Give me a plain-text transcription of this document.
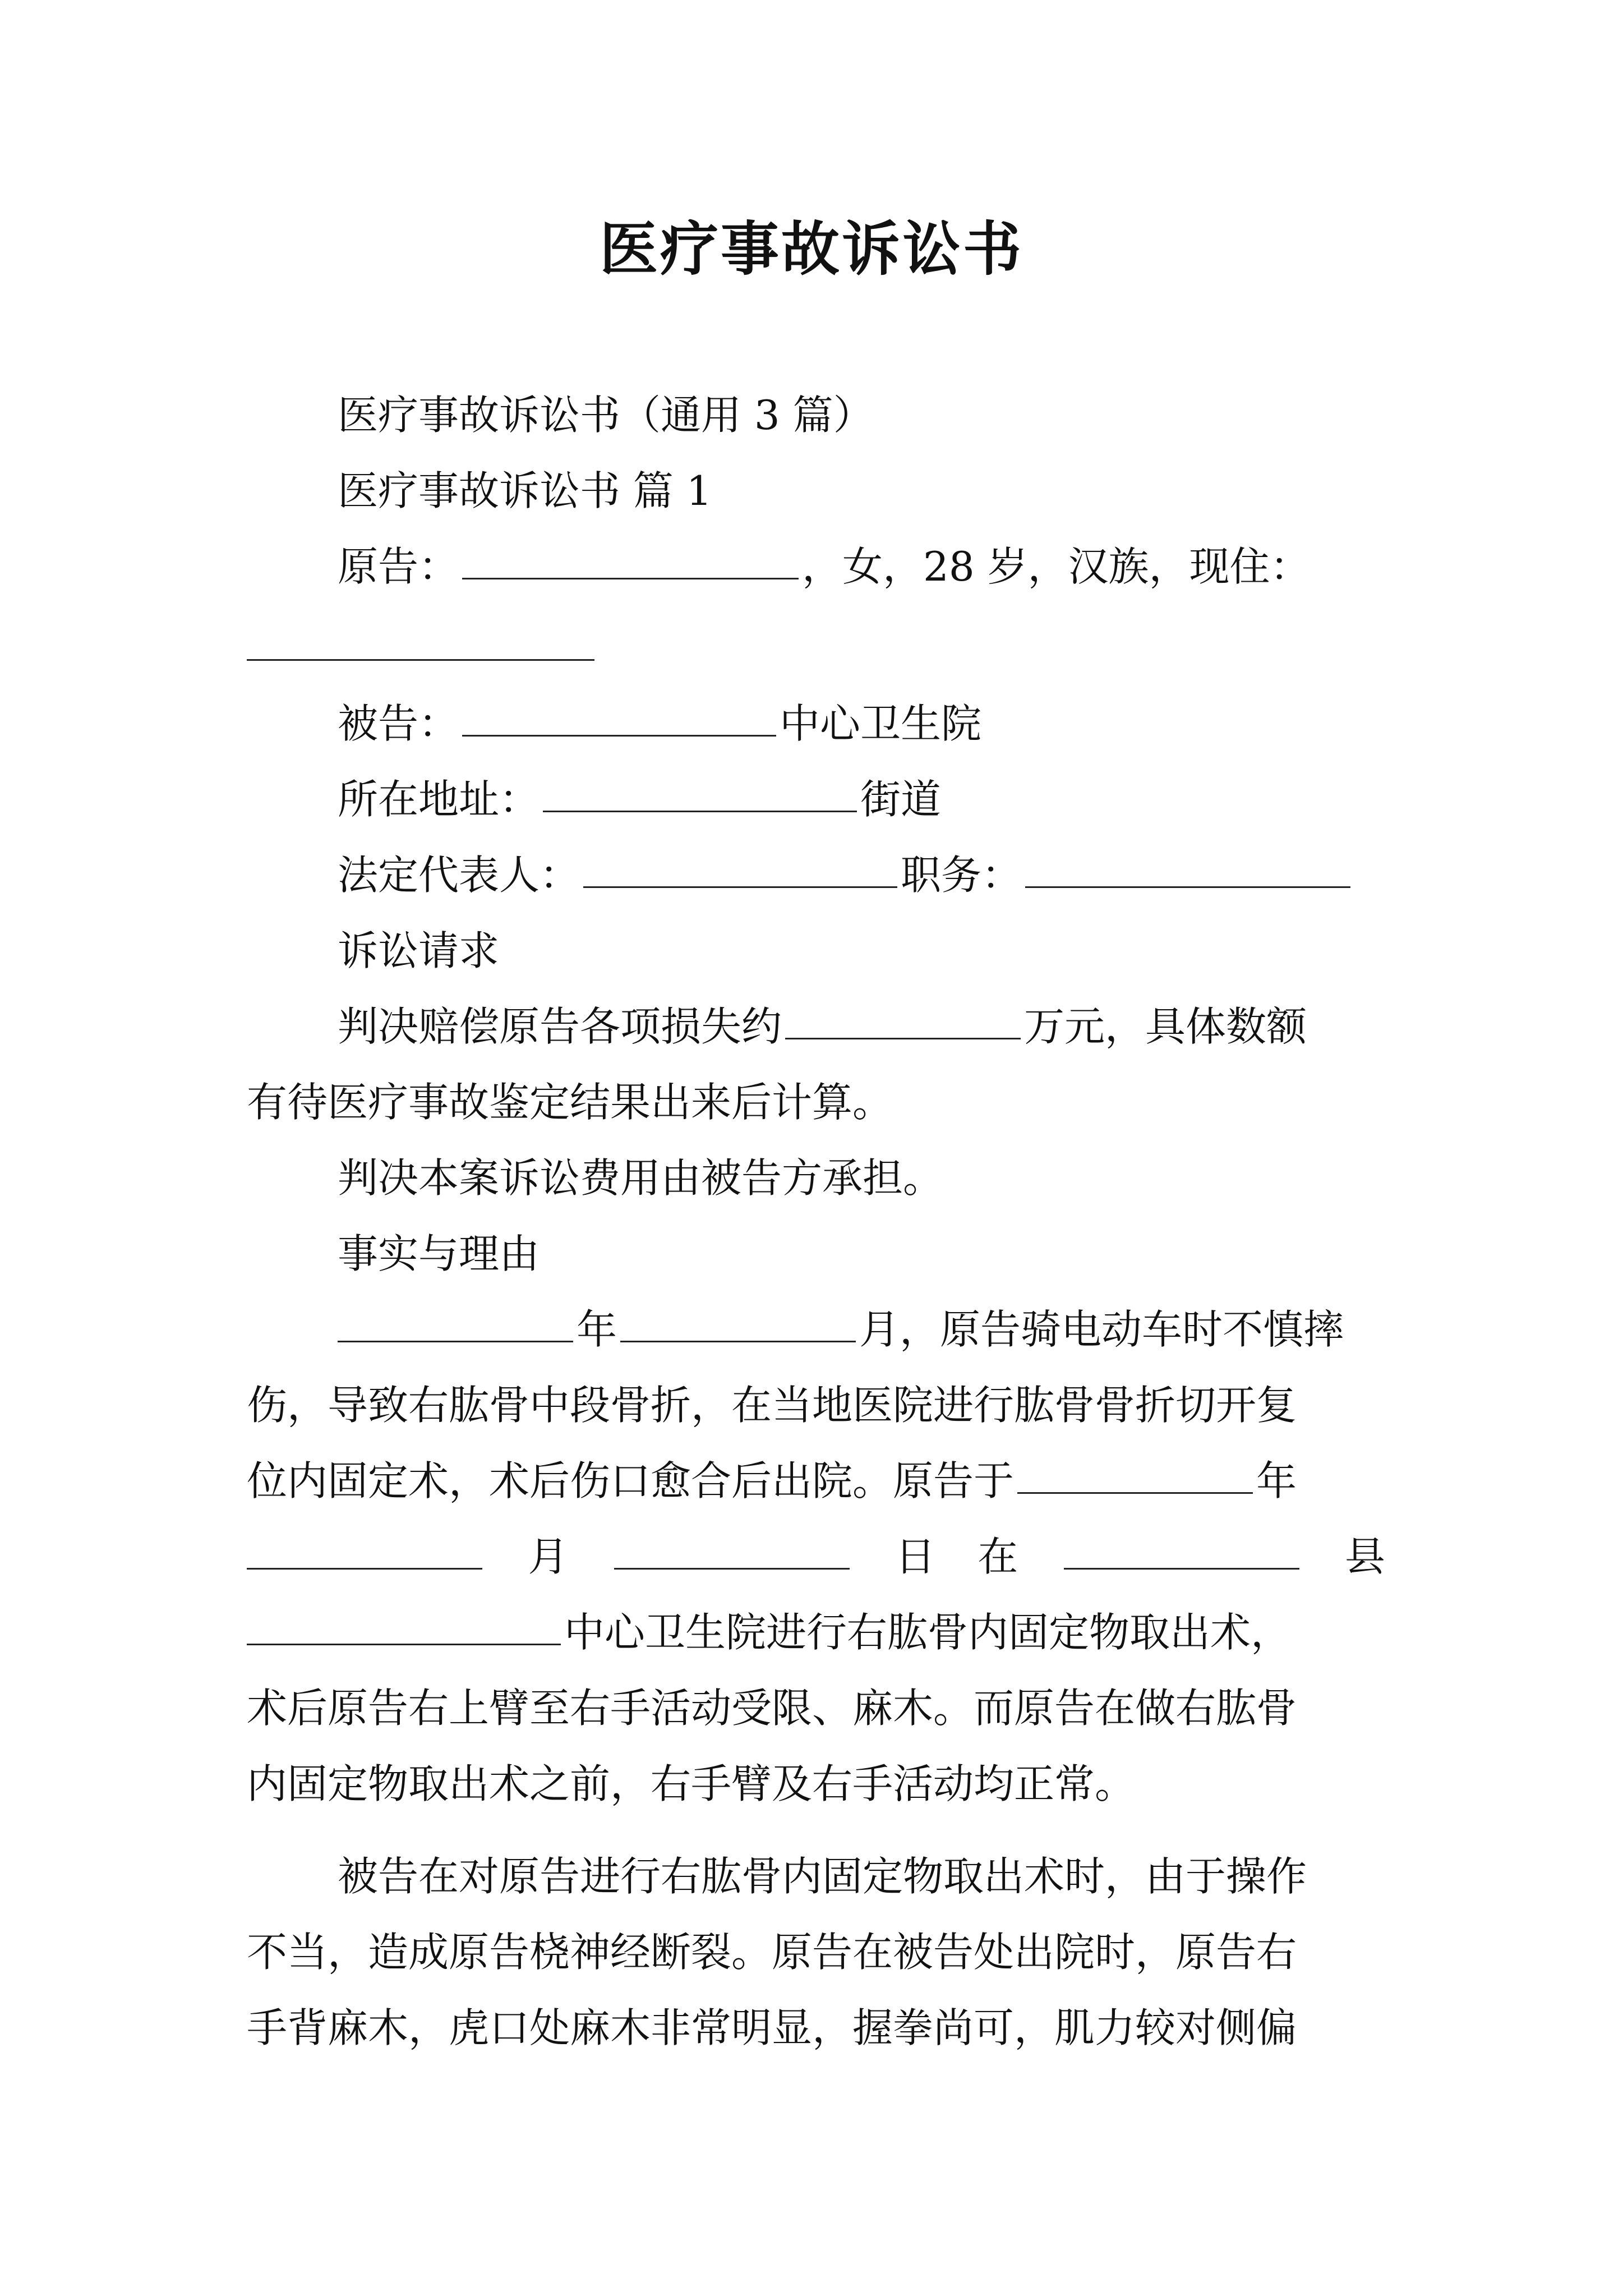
医疗事故诉讼书
医疗事故诉讼书（通用 3 篇）
医疗事故诉讼书 篇 1
原告：	，女，28 岁，汉族，现住：
被告：	中心卫生院
所在地址：	街道
法定代表人：	职务：
诉讼请求
判决赔偿原告各项损失约	万元，具体数额
有待医疗事故鉴定结果出来后计算。
判决本案诉讼费用由被告方承担。
事实与理由
年	月，原告骑电动车时不慎摔
伤，导致右肱骨中段骨折，在当地医院进行肱骨骨折切开复
位内固定术，术后伤口愈合后出院。原告于	年
月	日 在	县
中心卫生院进行右肱骨内固定物取出术，
术后原告右上臂至右手活动受限、麻木。而原告在做右肱骨
内固定物取出术之前，右手臂及右手活动均正常。
被告在对原告进行右肱骨内固定物取出术时，由于操作
不当，造成原告桡神经断裂。原告在被告处出院时，原告右
手背麻木，虎口处麻木非常明显，握拳尚可，肌力较对侧偏
